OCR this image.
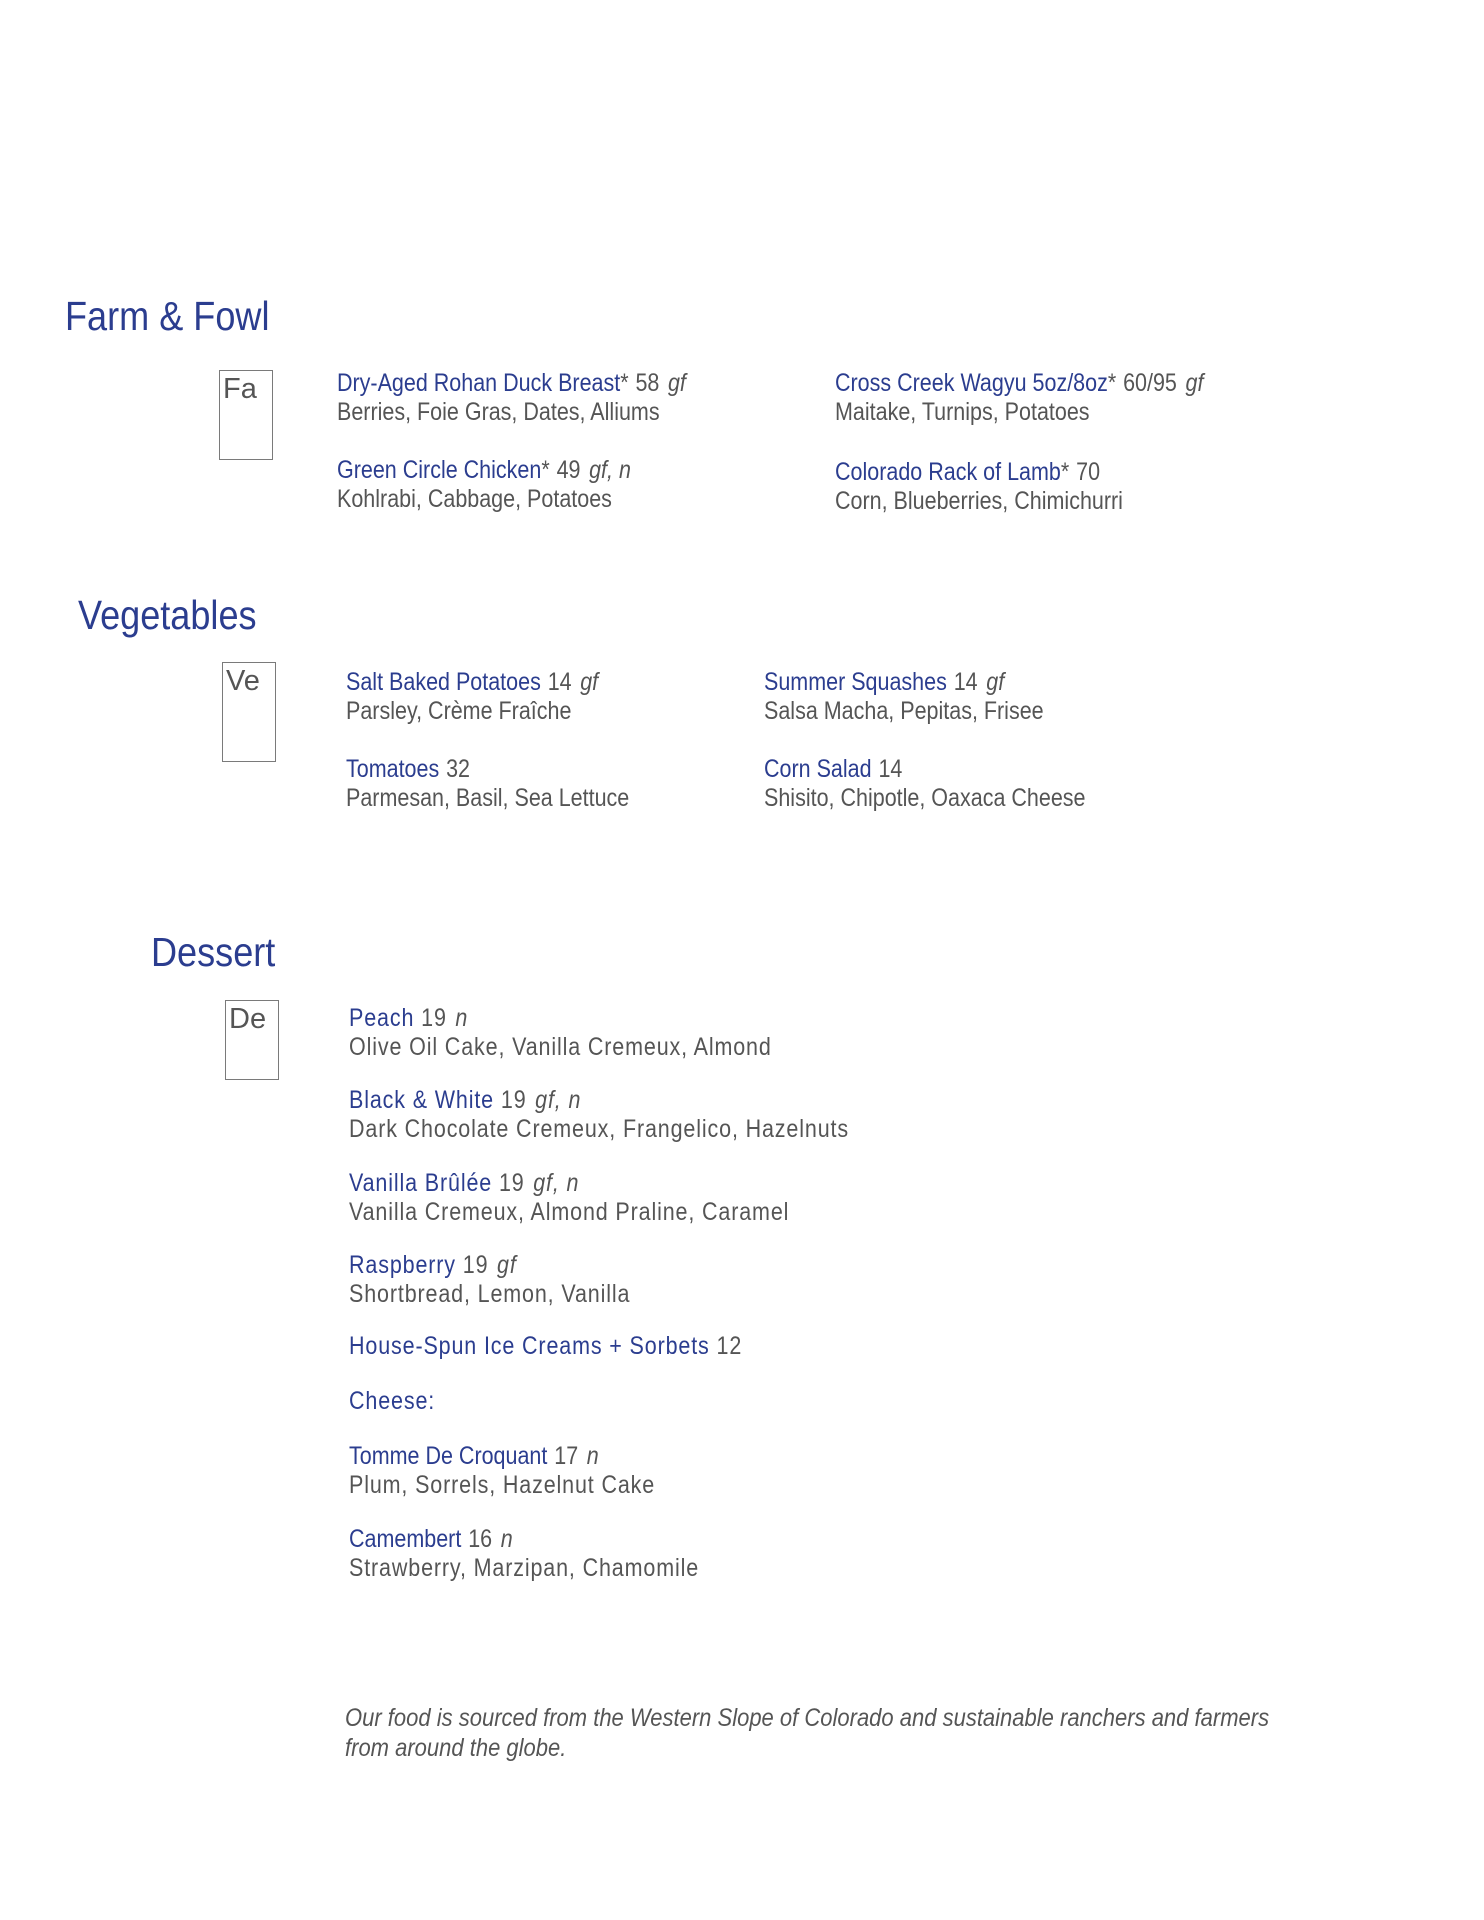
Farm & Fowl
Fa	Dry-Aged Rohan Duck Breast* 58 gf
Berries, Foie Gras, Dates, Alliums
Green Circle Chicken* 49 gf, n
Kohlrabi, Cabbage, Potatoes
Cross Creek Wagyu 5oz/8oz* 60/95 gf
Maitake, Turnips, Potatoes
Colorado Rack of Lamb* 70
Corn, Blueberries, Chimichurri
Vegetables
Ve	Salt Baked Potatoes 14 gf
Parsley, Crème Fraîche
Tomatoes 32
Parmesan, Basil, Sea Lettuce
Summer Squashes 14 gf
Salsa Macha, Pepitas, Frisee
Corn Salad 14
Shisito, Chipotle, Oaxaca Cheese
Dessert
De	Peach 19 n
Olive Oil Cake, Vanilla Cremeux, Almond
Black & White 19 gf, n
Dark Chocolate Cremeux, Frangelico, Hazelnuts
Vanilla Brûlée 19 gf, n
Vanilla Cremeux, Almond Praline, Caramel
Raspberry 19 gf
Shortbread, Lemon, Vanilla
House-Spun Ice Creams + Sorbets 12
Cheese:
Tomme De Croquant 17 n
Plum, Sorrels, Hazelnut Cake
Camembert 16 n
Strawberry, Marzipan, Chamomile
Our food is sourced from the Western Slope of Colorado and sustainable ranchers and farmers
from around the globe.
